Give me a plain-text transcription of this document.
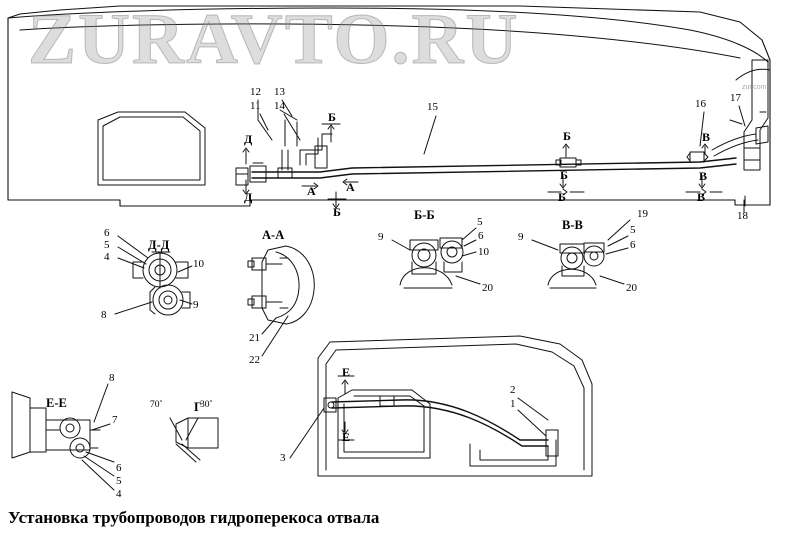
ZURAVTO.RU
zur.com
Д-Д
А-А
Б-Б
В-В
Е-Е	Г
70˚	30˚
Д
Д
Б
Б
А	А
Б
Б
Б
В
В
В
Е
Е
12 13
11 14	15	16 17
18
19
6
5
4
10
8
9
21
22
9
5
6
10
20
9
5
6
20
8
7
6
5
4
3
2
1
Установка трубопроводов гидроперекоса отвала
